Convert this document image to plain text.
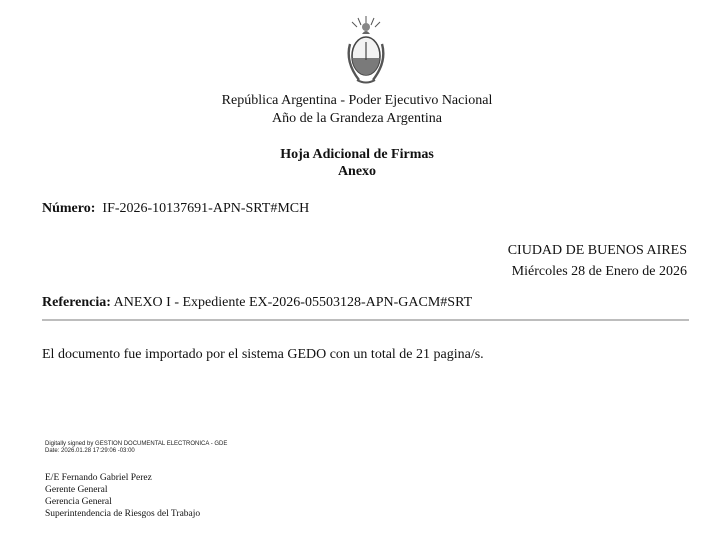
República Argentina - Poder Ejecutivo Nacional
Año de la Grandeza Argentina
Hoja Adicional de Firmas
Anexo
Número: IF-2026-10137691-APN-SRT#MCH
CIUDAD DE BUENOS AIRES
Miércoles 28 de Enero de 2026
Referencia: ANEXO I - Expediente EX-2026-05503128-APN-GACM#SRT
El documento fue importado por el sistema GEDO con un total de 21 pagina/s.
Digitally signed by GESTION DOCUMENTAL ELECTRONICA - GDE
Date: 2026.01.28 17:29:06 -03:00
E/E Fernando Gabriel Perez
Gerente General
Gerencia General
Superintendencia de Riesgos del Trabajo
